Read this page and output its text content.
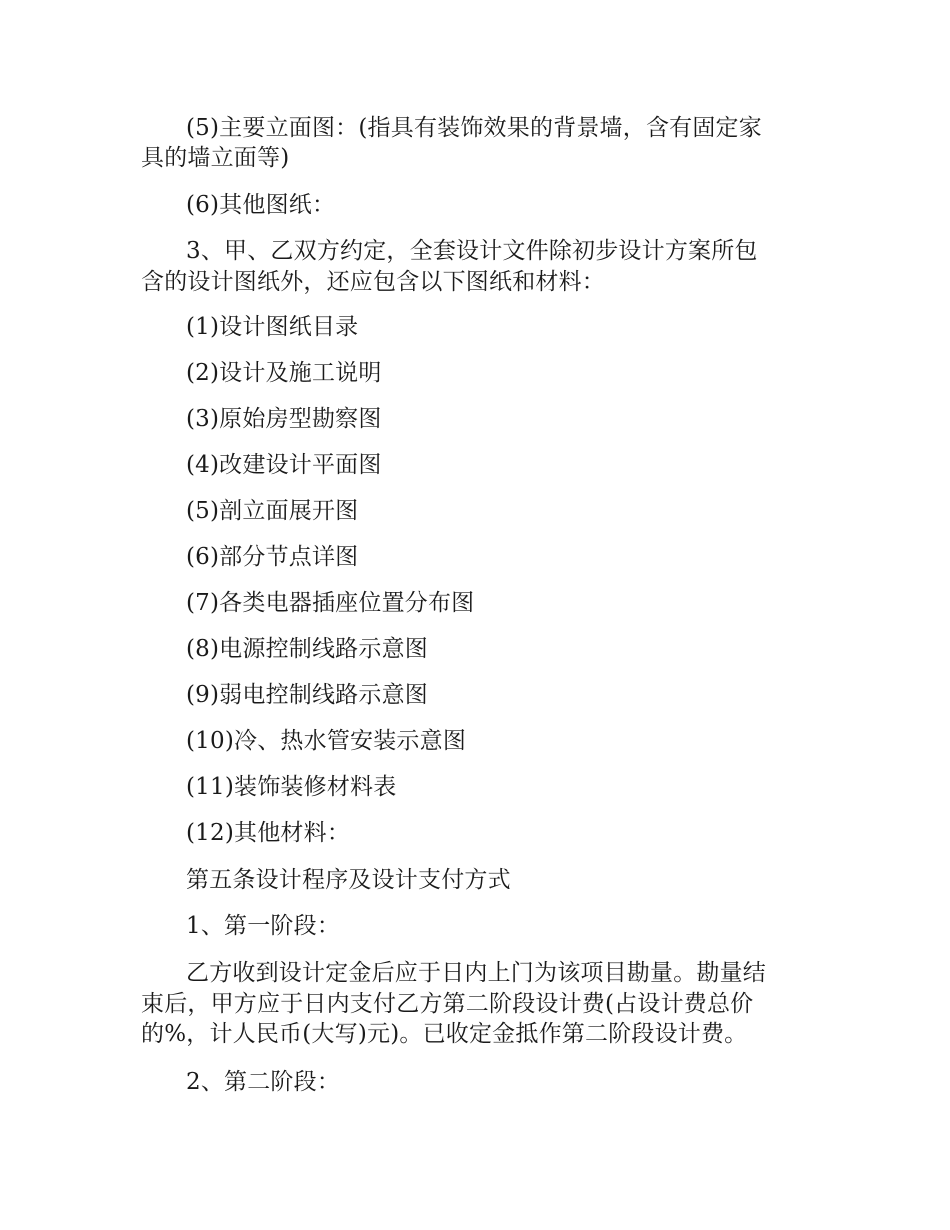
(5)主要立面图：(指具有装饰效果的背景墙，含有固定家
具的墙立面等)
(6)其他图纸：
3、甲、乙双方约定，全套设计文件除初步设计方案所包
含的设计图纸外，还应包含以下图纸和材料：
(1)设计图纸目录
(2)设计及施工说明
(3)原始房型勘察图
(4)改建设计平面图
(5)剖立面展开图
(6)部分节点详图
(7)各类电器插座位置分布图
(8)电源控制线路示意图
(9)弱电控制线路示意图
(10)冷、热水管安装示意图
(11)装饰装修材料表
(12)其他材料：
第五条设计程序及设计支付方式
1、第一阶段：
乙方收到设计定金后应于日内上门为该项目勘量。勘量结
束后，甲方应于日内支付乙方第二阶段设计费(占设计费总价
的%，计人民币(大写)元)。已收定金抵作第二阶段设计费。
2、第二阶段：
